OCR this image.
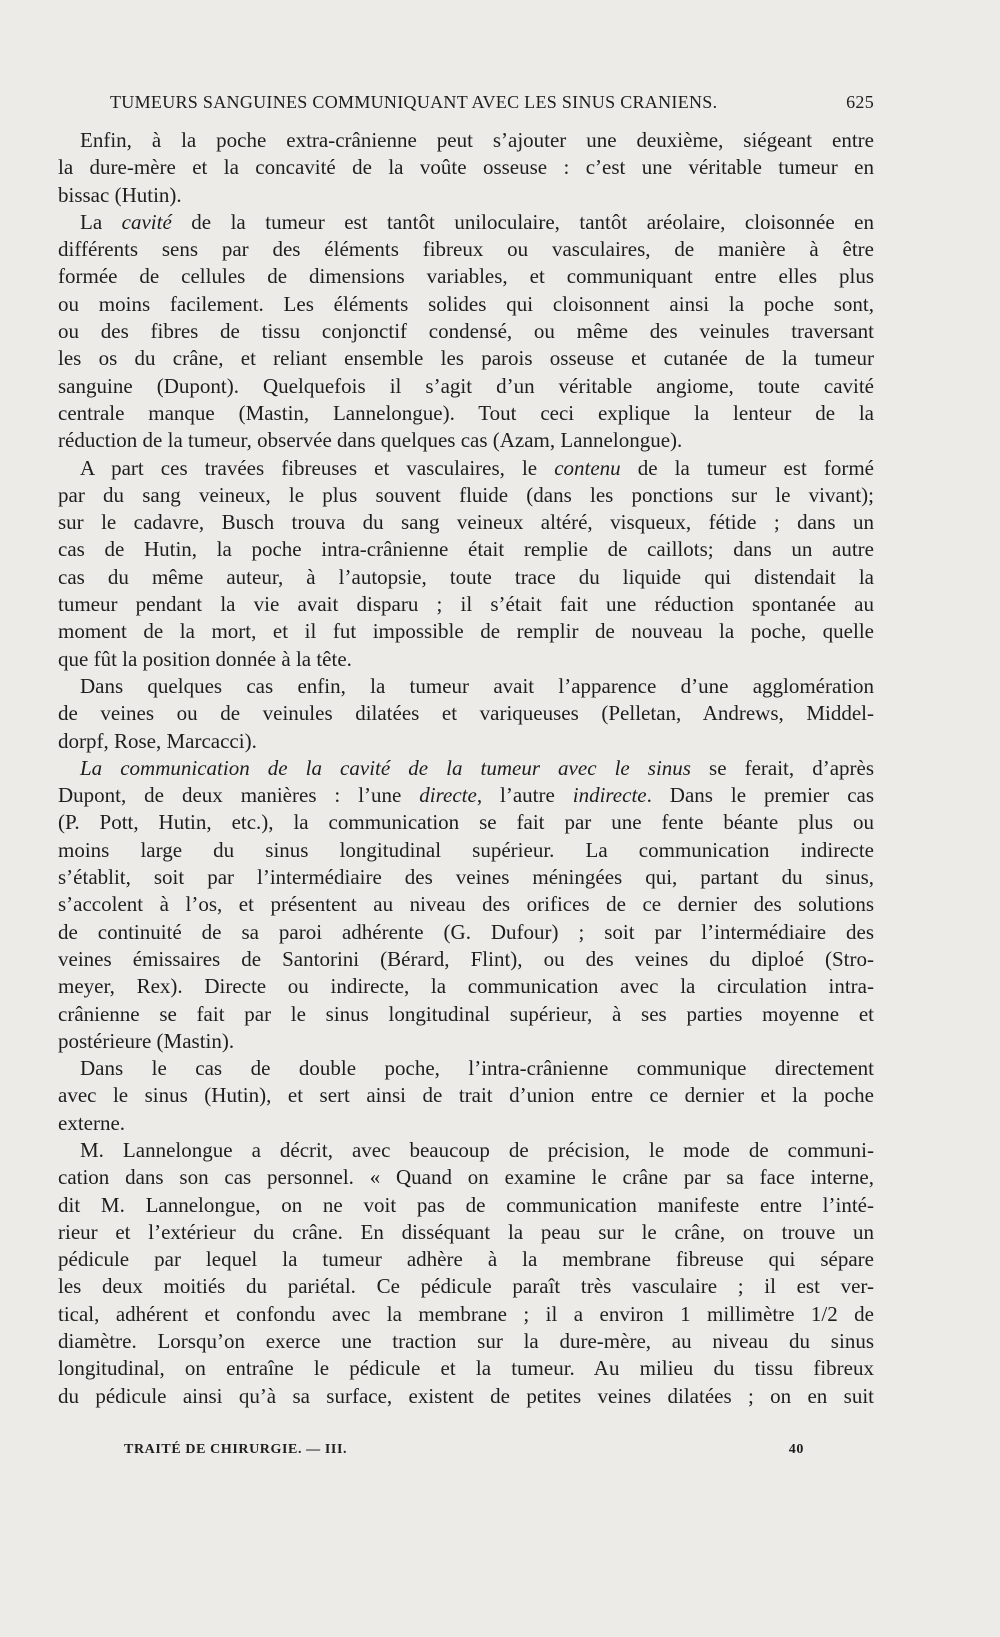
TUMEURS SANGUINES COMMUNIQUANT AVEC LES SINUS CRANIENS.	625
Enfin, à la poche extra-crânienne peut s’ajouter une deuxième, siégeant entre
la dure-mère et la concavité de la voûte osseuse : c’est une véritable tumeur en
bissac (Hutin).
La cavité de la tumeur est tantôt uniloculaire, tantôt aréolaire, cloisonnée en
différents sens par des éléments fibreux ou vasculaires, de manière à être
formée de cellules de dimensions variables, et communiquant entre elles plus
ou moins facilement. Les éléments solides qui cloisonnent ainsi la poche sont,
ou des fibres de tissu conjonctif condensé, ou même des veinules traversant
les os du crâne, et reliant ensemble les parois osseuse et cutanée de la tumeur
sanguine (Dupont). Quelquefois il s’agit d’un véritable angiome, toute cavité
centrale manque (Mastin, Lannelongue). Tout ceci explique la lenteur de la
réduction de la tumeur, observée dans quelques cas (Azam, Lannelongue).
A part ces travées fibreuses et vasculaires, le contenu de la tumeur est formé
par du sang veineux, le plus souvent fluide (dans les ponctions sur le vivant);
sur le cadavre, Busch trouva du sang veineux altéré, visqueux, fétide ; dans un
cas de Hutin, la poche intra-crânienne était remplie de caillots; dans un autre
cas du même auteur, à l’autopsie, toute trace du liquide qui distendait la
tumeur pendant la vie avait disparu ; il s’était fait une réduction spontanée au
moment de la mort, et il fut impossible de remplir de nouveau la poche, quelle
que fût la position donnée à la tête.
Dans quelques cas enfin, la tumeur avait l’apparence d’une agglomération
de veines ou de veinules dilatées et variqueuses (Pelletan, Andrews, Middel-
dorpf, Rose, Marcacci).
La communication de la cavité de la tumeur avec le sinus se ferait, d’après
Dupont, de deux manières : l’une directe, l’autre indirecte. Dans le premier cas
(P. Pott, Hutin, etc.), la communication se fait par une fente béante plus ou
moins large du sinus longitudinal supérieur. La communication indirecte
s’établit, soit par l’intermédiaire des veines méningées qui, partant du sinus,
s’accolent à l’os, et présentent au niveau des orifices de ce dernier des solutions
de continuité de sa paroi adhérente (G. Dufour) ; soit par l’intermédiaire des
veines émissaires de Santorini (Bérard, Flint), ou des veines du diploé (Stro-
meyer, Rex). Directe ou indirecte, la communication avec la circulation intra-
crânienne se fait par le sinus longitudinal supérieur, à ses parties moyenne et
postérieure (Mastin).
Dans le cas de double poche, l’intra-crânienne communique directement
avec le sinus (Hutin), et sert ainsi de trait d’union entre ce dernier et la poche
externe.
M. Lannelongue a décrit, avec beaucoup de précision, le mode de communi-
cation dans son cas personnel. « Quand on examine le crâne par sa face interne,
dit M. Lannelongue, on ne voit pas de communication manifeste entre l’inté-
rieur et l’extérieur du crâne. En disséquant la peau sur le crâne, on trouve un
pédicule par lequel la tumeur adhère à la membrane fibreuse qui sépare
les deux moitiés du pariétal. Ce pédicule paraît très vasculaire ; il est ver-
tical, adhérent et confondu avec la membrane ; il a environ 1 millimètre 1/2 de
diamètre. Lorsqu’on exerce une traction sur la dure-mère, au niveau du sinus
longitudinal, on entraîne le pédicule et la tumeur. Au milieu du tissu fibreux
du pédicule ainsi qu’à sa surface, existent de petites veines dilatées ; on en suit
TRAITÉ DE CHIRURGIE. — III.	40
